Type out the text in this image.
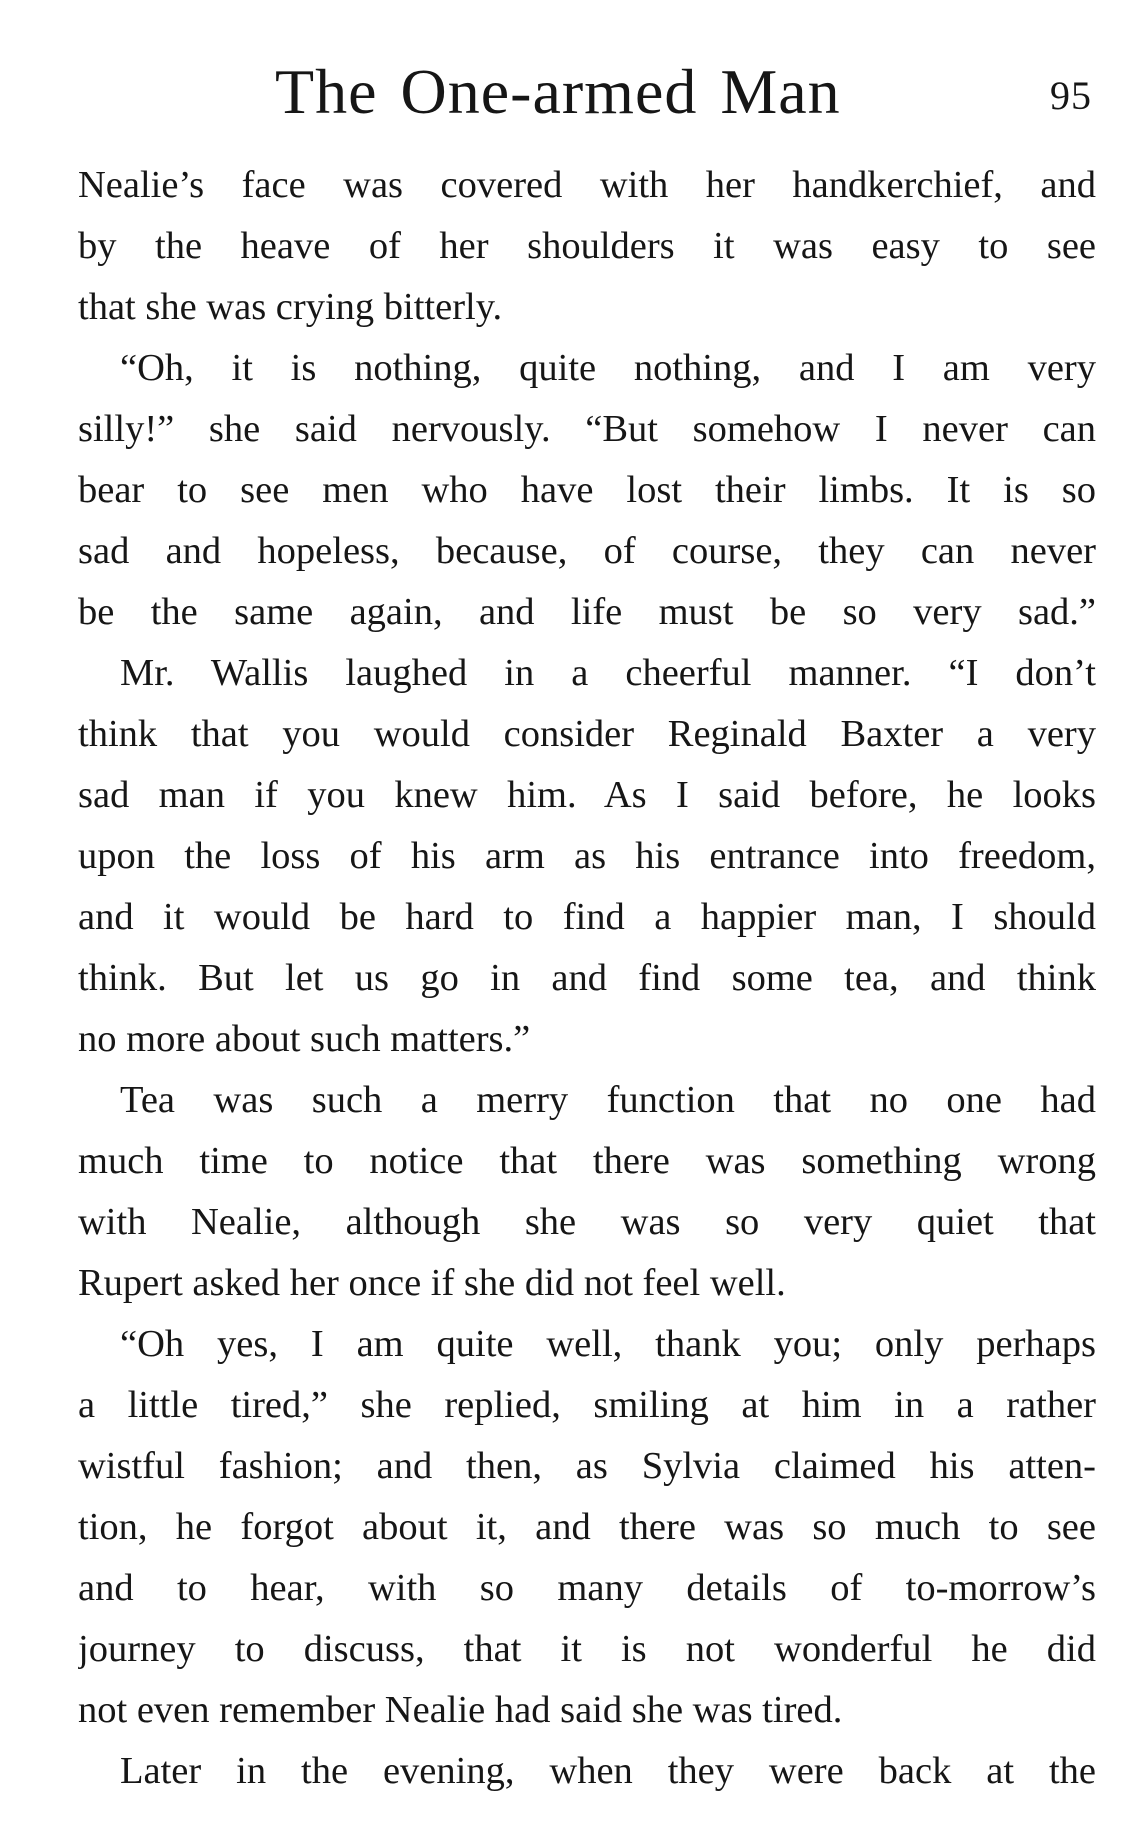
The One-armed Man	95
Nealie’s face was covered with her handkerchief, and
by the heave of her shoulders it was easy to see
that she was crying bitterly.
“Oh, it is nothing, quite nothing, and I am very
silly!” she said nervously. “But somehow I never can
bear to see men who have lost their limbs. It is so
sad and hopeless, because, of course, they can never
be the same again, and life must be so very sad.”
Mr. Wallis laughed in a cheerful manner. “I don’t
think that you would consider Reginald Baxter a very
sad man if you knew him. As I said before, he looks
upon the loss of his arm as his entrance into freedom,
and it would be hard to find a happier man, I should
think. But let us go in and find some tea, and think
no more about such matters.”
Tea was such a merry function that no one had
much time to notice that there was something wrong
with Nealie, although she was so very quiet that
Rupert asked her once if she did not feel well.
“Oh yes, I am quite well, thank you; only perhaps
a little tired,” she replied, smiling at him in a rather
wistful fashion; and then, as Sylvia claimed his atten-
tion, he forgot about it, and there was so much to see
and to hear, with so many details of to-morrow’s
journey to discuss, that it is not wonderful he did
not even remember Nealie had said she was tired.
Later in the evening, when they were back at the
